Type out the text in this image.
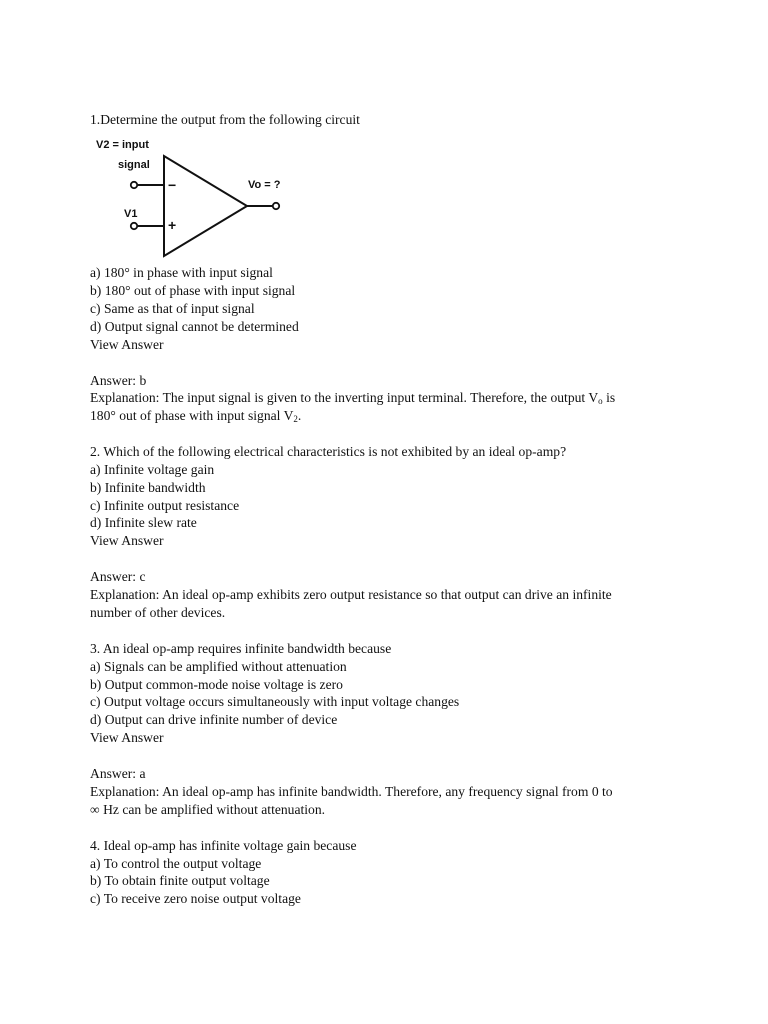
1.Determine the output from the following circuit
V2 = input
signal
V1
Vo = ?
−
+
a) 180° in phase with input signal
b) 180° out of phase with input signal
c) Same as that of input signal
d) Output signal cannot be determined
View Answer
Answer: b
Explanation: The input signal is given to the inverting input terminal. Therefore, the output $V_o$ is
180° out of phase with input signal $V_2$.
2. Which of the following electrical characteristics is not exhibited by an ideal op-amp?
a) Infinite voltage gain
b) Infinite bandwidth
c) Infinite output resistance
d) Infinite slew rate
View Answer
Answer: c
Explanation: An ideal op-amp exhibits zero output resistance so that output can drive an infinite
number of other devices.
3. An ideal op-amp requires infinite bandwidth because
a) Signals can be amplified without attenuation
b) Output common-mode noise voltage is zero
c) Output voltage occurs simultaneously with input voltage changes
d) Output can drive infinite number of device
View Answer
Answer: a
Explanation: An ideal op-amp has infinite bandwidth. Therefore, any frequency signal from 0 to
∞ Hz can be amplified without attenuation.
4. Ideal op-amp has infinite voltage gain because
a) To control the output voltage
b) To obtain finite output voltage
c) To receive zero noise output voltage
